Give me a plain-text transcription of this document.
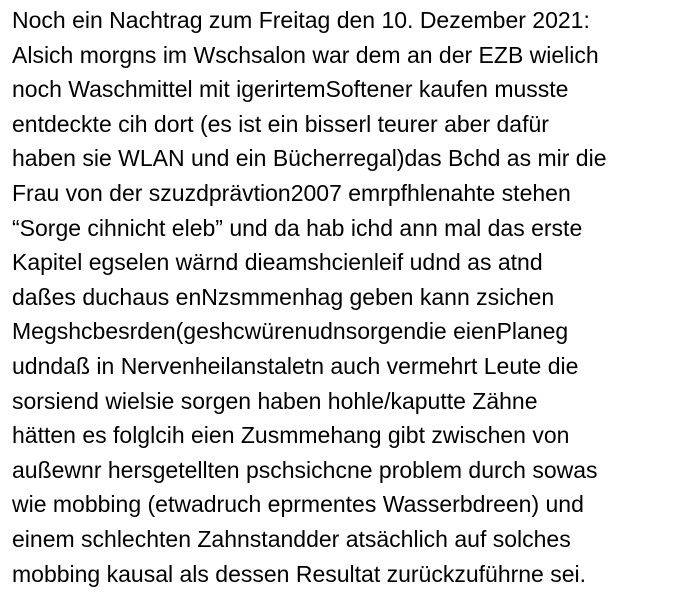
Noch ein Nachtrag zum Freitag den 10. Dezember 2021:
Alsich morgns im Wschsalon war dem an der EZB wielich
noch Waschmittel mit igerirtemSoftener kaufen musste
entdeckte cih dort (es ist ein bisserl teurer aber dafür
haben sie WLAN und ein Bücherregal)das Bchd as mir die
Frau von der szuzdprävtion2007 emrpfhlenahte stehen
“Sorge cihnicht eleb” und da hab ichd ann mal das erste
Kapitel egselen wärnd dieamshcienleif udnd as atnd
daßes duchaus enNzsmmenhag geben kann zsichen
Megshcbesrden(geshcwürenudnsorgendie eienPlaneg
udndaß in Nervenheilanstaletn auch vermehrt Leute die
sorsiend wielsie sorgen haben hohle/kaputte Zähne
hätten es folglcih eien Zusmmehang gibt zwischen von
außewnr hersgetellten pschsichcne problem durch sowas
wie mobbing (etwadruch eprmentes Wasserbdreen) und
einem schlechten Zahnstandder atsächlich auf solches
mobbing kausal als dessen Resultat zurückzuführne sei.
